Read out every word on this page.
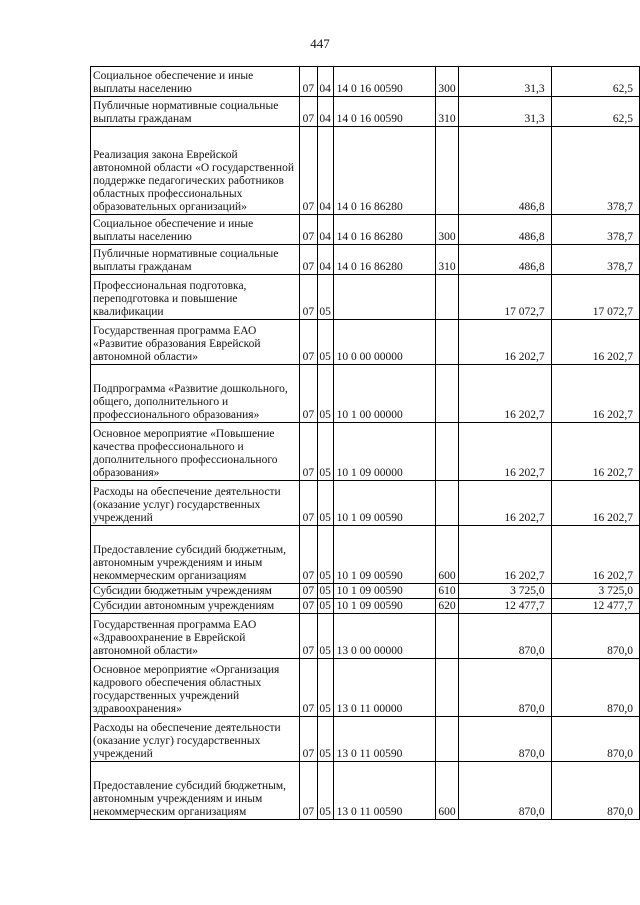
447
Социальное обеспечение и иные выплаты населению	07	04	14 0 16 00590	300	31,3	62,5
Публичные нормативные социальные выплаты гражданам	07	04	14 0 16 00590	310	31,3	62,5
Реализация закона Еврейской автономной области «О государственной поддержке педагогических работников областных профессиональных образовательных организаций»	07	04	14 0 16 86280		486,8	378,7
Социальное обеспечение и иные выплаты населению	07	04	14 0 16 86280	300	486,8	378,7
Публичные нормативные социальные выплаты гражданам	07	04	14 0 16 86280	310	486,8	378,7
Профессиональная подготовка, переподготовка и повышение квалификации	07	05			17 072,7	17 072,7
Государственная программа ЕАО «Развитие образования Еврейской автономной области»	07	05	10 0 00 00000		16 202,7	16 202,7
Подпрограмма «Развитие дошкольного, общего, дополнительного и профессионального образования»	07	05	10 1 00 00000		16 202,7	16 202,7
Основное мероприятие «Повышение качества профессионального и дополнительного профессионального образования»	07	05	10 1 09 00000		16 202,7	16 202,7
Расходы на обеспечение деятельности (оказание услуг) государственных учреждений	07	05	10 1 09 00590		16 202,7	16 202,7
Предоставление субсидий бюджетным, автономным учреждениям и иным некоммерческим организациям	07	05	10 1 09 00590	600	16 202,7	16 202,7
Субсидии бюджетным учреждениям	07	05	10 1 09 00590	610	3 725,0	3 725,0
Субсидии автономным учреждениям	07	05	10 1 09 00590	620	12 477,7	12 477,7
Государственная программа ЕАО «Здравоохранение в Еврейской автономной области»	07	05	13 0 00 00000		870,0	870,0
Основное мероприятие «Организация кадрового обеспечения областных государственных учреждений здравоохранения»	07	05	13 0 11 00000		870,0	870,0
Расходы на обеспечение деятельности (оказание услуг) государственных учреждений	07	05	13 0 11 00590		870,0	870,0
Предоставление субсидий бюджетным, автономным учреждениям и иным некоммерческим организациям	07	05	13 0 11 00590	600	870,0	870,0
